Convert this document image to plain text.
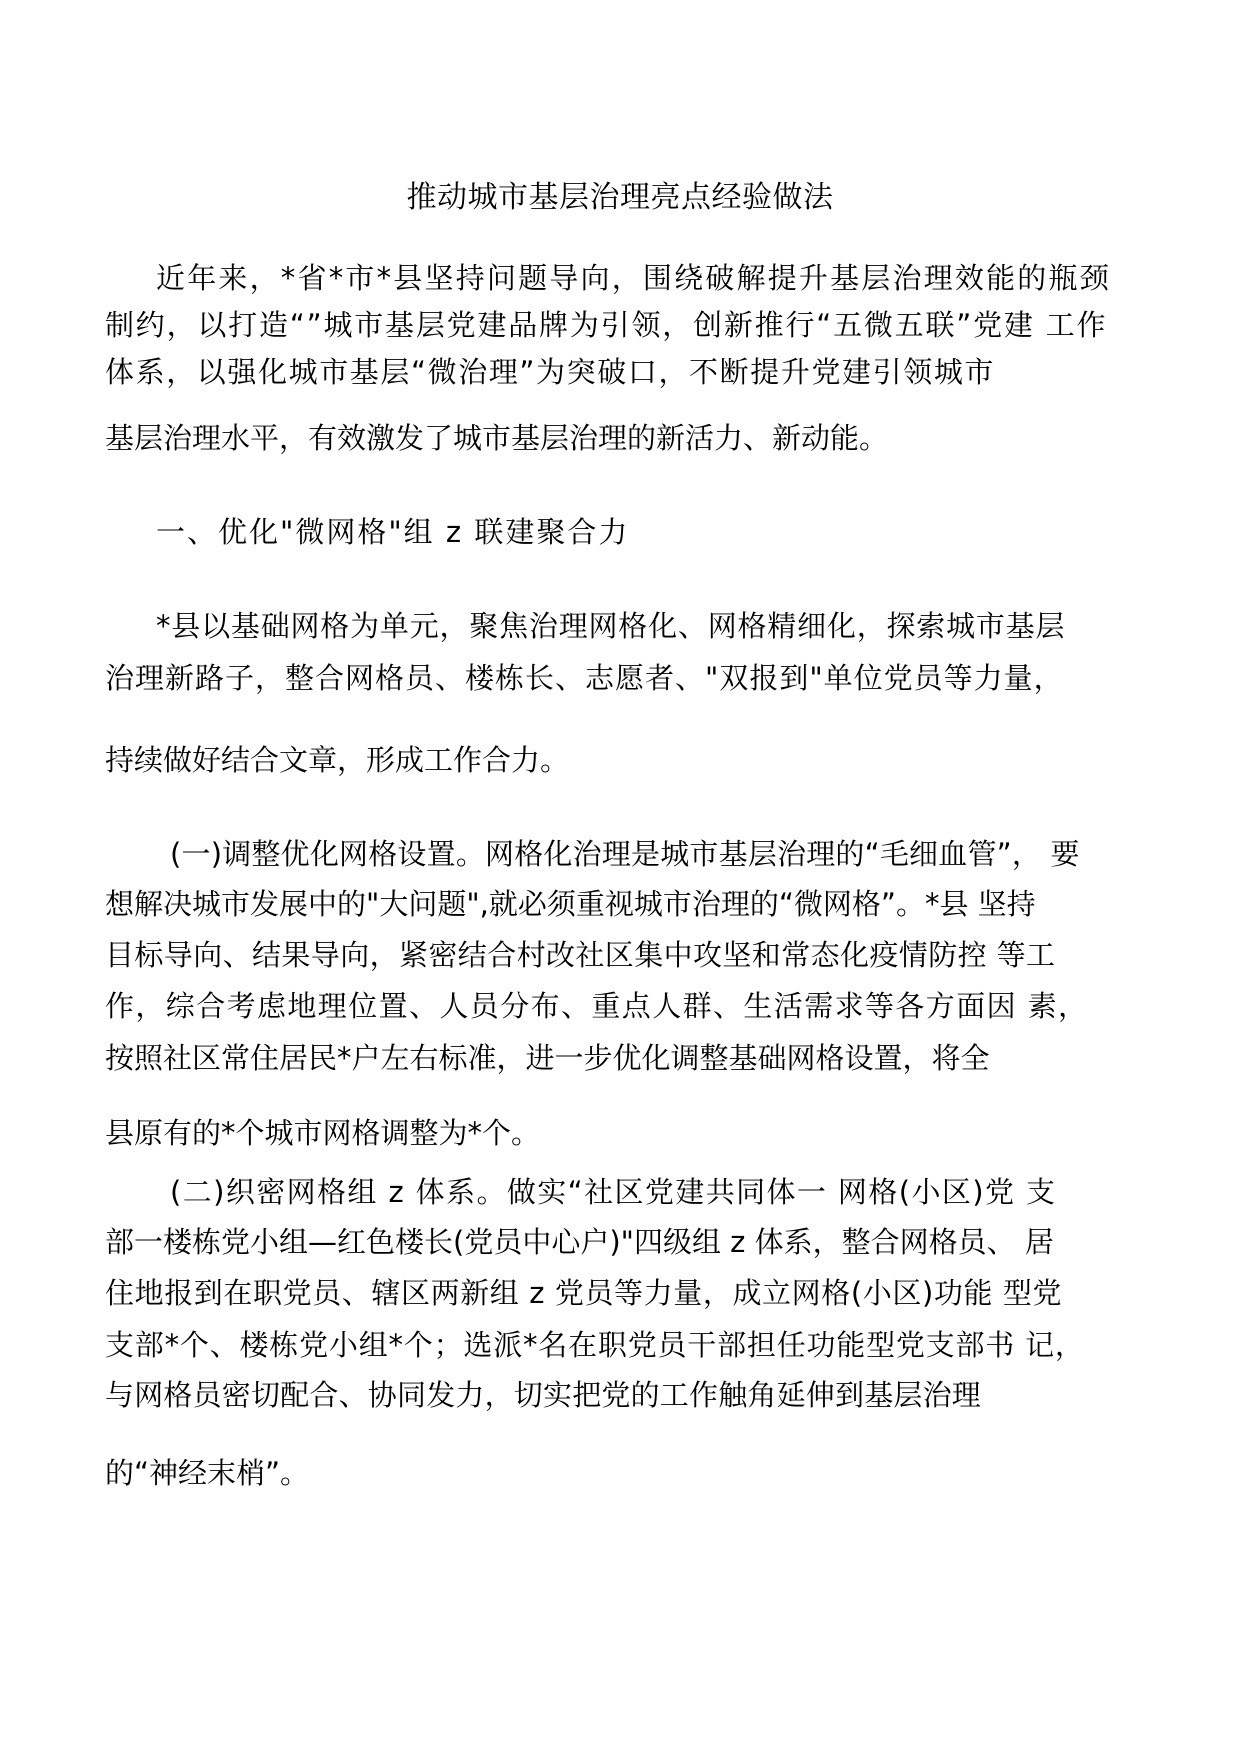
推动城市基层治理亮点经验做法
近年来，*省*市*县坚持问题导向，围绕破解提升基层治理效能的瓶颈
制约，以打造“”城市基层党建品牌为引领，创新推行“五微五联”党建 工作
体系，以强化城市基层“微治理”为突破口，不断提升党建引领城市
基层治理水平，有效激发了城市基层治理的新活力、新动能。
一、优化"微网格"组 z 联建聚合力
*县以基础网格为单元，聚焦治理网格化、网格精细化，探索城市基层
治理新路子，整合网格员、楼栋长、志愿者、"双报到"单位党员等力量，
持续做好结合文章，形成工作合力。
(一)调整优化网格设置。网格化治理是城市基层治理的“毛细血管”， 要
想解决城市发展中的"大问题",就必须重视城市治理的“微网格”。*县 坚持
目标导向、结果导向，紧密结合村改社区集中攻坚和常态化疫情防控 等工
作，综合考虑地理位置、人员分布、重点人群、生活需求等各方面因 素，
按照社区常住居民*户左右标准，进一步优化调整基础网格设置，将全
县原有的*个城市网格调整为*个。
(二)织密网格组 z 体系。做实“社区党建共同体一 网格(小区)党 支
部一楼栋党小组—红色楼长(党员中心户)"四级组 z 体系，整合网格员、 居
住地报到在职党员、辖区两新组 z 党员等力量，成立网格(小区)功能 型党
支部*个、楼栋党小组*个；选派*名在职党员干部担任功能型党支部书 记，
与网格员密切配合、协同发力，切实把党的工作触角延伸到基层治理
的“神经末梢”。
